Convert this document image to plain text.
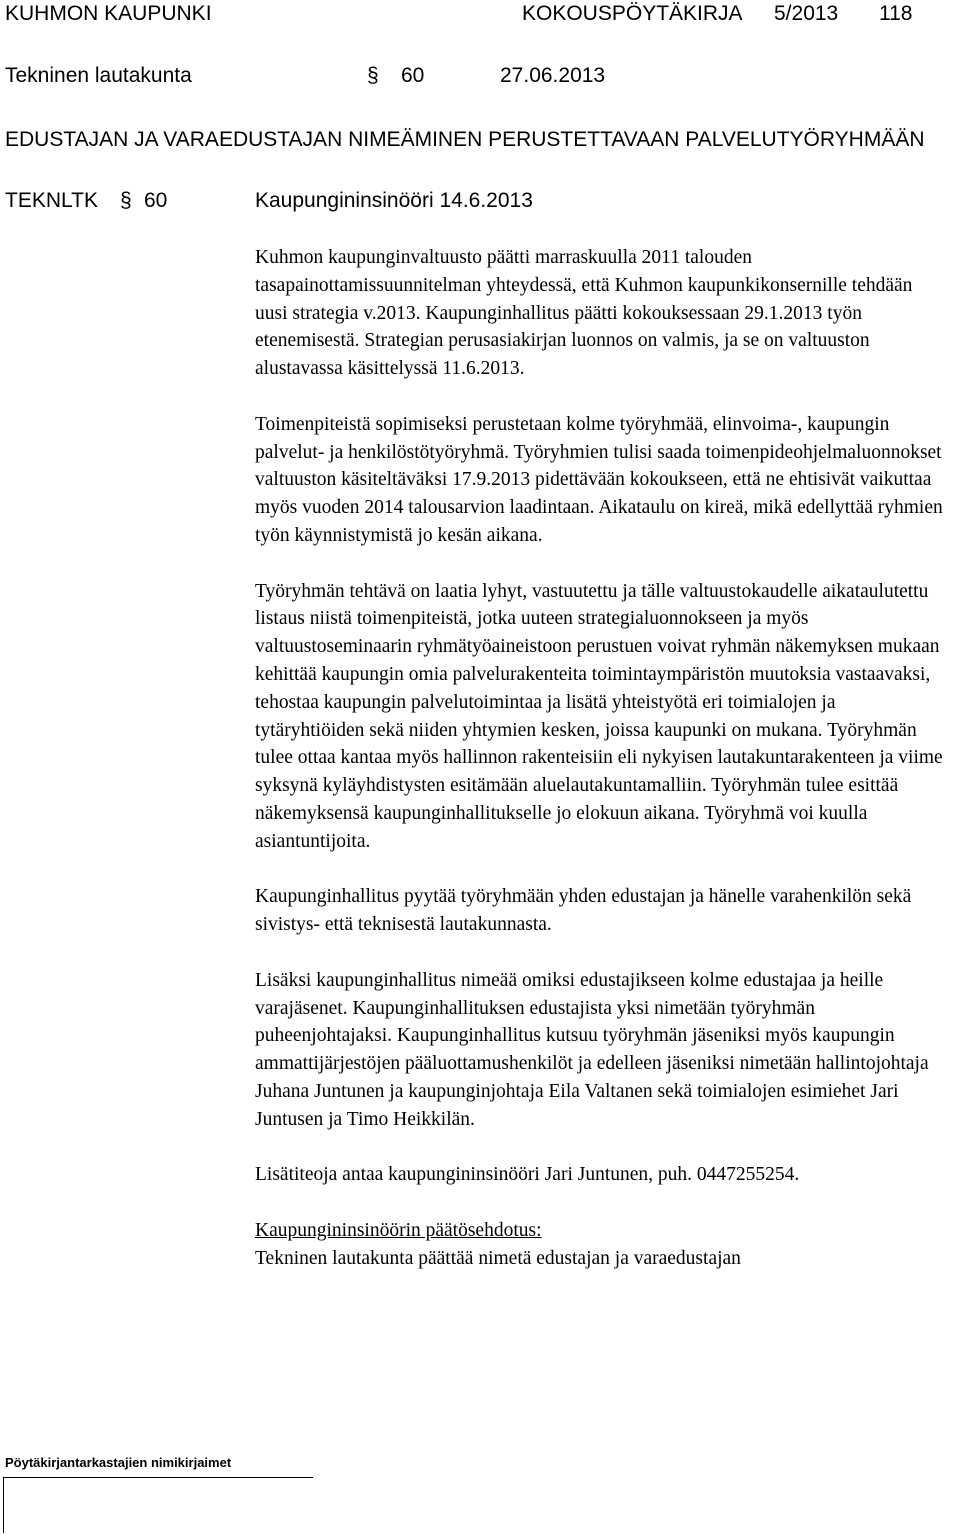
KUHMON KAUPUNKI	KOKOUSPÖYTÄKIRJA 5/2013 118
Tekninen lautakunta	§ 60	27.06.2013
EDUSTAJAN JA VARAEDUSTAJAN NIMEÄMINEN PERUSTETTAVAAN PALVELUTYÖRYHMÄÄN
TEKNLTK § 60	Kaupungininsinööri 14.6.2013

Kuhmon kaupunginvaltuusto päätti marraskuulla 2011 talouden tasapainottamissuunnitelman yhteydessä, että Kuhmon kaupunkikonsernille tehdään uusi strategia v.2013. Kaupunginhallitus päätti kokouksessaan 29.1.2013 työn etenemisestä. Strategian perusasiakirjan luonnos on valmis, ja se on valtuuston alustavassa käsittelyssä 11.6.2013.

Toimenpiteistä sopimiseksi perustetaan kolme työryhmää, elinvoima-, kaupungin palvelut- ja henkilöstötyöryhmä. Työryhmien tulisi saada toimenpideohjelmaluonnokset valtuuston käsiteltäväksi 17.9.2013 pidettävään kokoukseen, että ne ehtisivät vaikuttaa myös vuoden 2014 talousarvion laadintaan. Aikataulu on kireä, mikä edellyttää ryhmien työn käynnistymistä jo kesän aikana.

Työryhmän tehtävä on laatia lyhyt, vastuutettu ja tälle valtuustokaudelle aikataulutettu listaus niistä toimenpiteistä, jotka uuteen strategialuonnokseen ja myös valtuustoseminaarin ryhmätyöaineistoon perustuen voivat ryhmän näkemyksen mukaan kehittää kaupungin omia palvelurakenteita toimintaympäristön muutoksia vastaavaksi, tehostaa kaupungin palvelutoimintaa ja lisätä yhteistyötä eri toimialojen ja tytäryhtiöiden sekä niiden yhtymien kesken, joissa kaupunki on mukana. Työryhmän tulee ottaa kantaa myös hallinnon rakenteisiin eli nykyisen lautakuntarakenteen ja viime syksynä kyläyhdistysten esitämään aluelautakuntamalliin. Työryhmän tulee esittää näkemyksensä kaupunginhallitukselle jo elokuun aikana. Työryhmä voi kuulla asiantuntijoita.

Kaupunginhallitus pyytää työryhmään yhden edustajan ja hänelle varahenkilön sekä sivistys- että teknisestä lautakunnasta.

Lisäksi kaupunginhallitus nimeää omiksi edustajikseen kolme edustajaa ja heille varajäsenet. Kaupunginhallituksen edustajista yksi nimetään työryhmän puheenjohtajaksi. Kaupunginhallitus kutsuu työryhmän jäseniksi myös kaupungin ammattijärjestöjen pääluottamushenkilöt ja edelleen jäseniksi nimetään hallintojohtaja Juhana Juntunen ja kaupunginjohtaja Eila Valtanen sekä toimialojen esimiehet Jari Juntusen ja Timo Heikkilän.

Lisätiteoja antaa kaupungininsinööri Jari Juntunen, puh. 0447255254.

Kaupungininsinöörin päätösehdotus:
Tekninen lautakunta päättää nimetä edustajan ja varaedustajan
Pöytäkirjantarkastajien nimikirjaimet
